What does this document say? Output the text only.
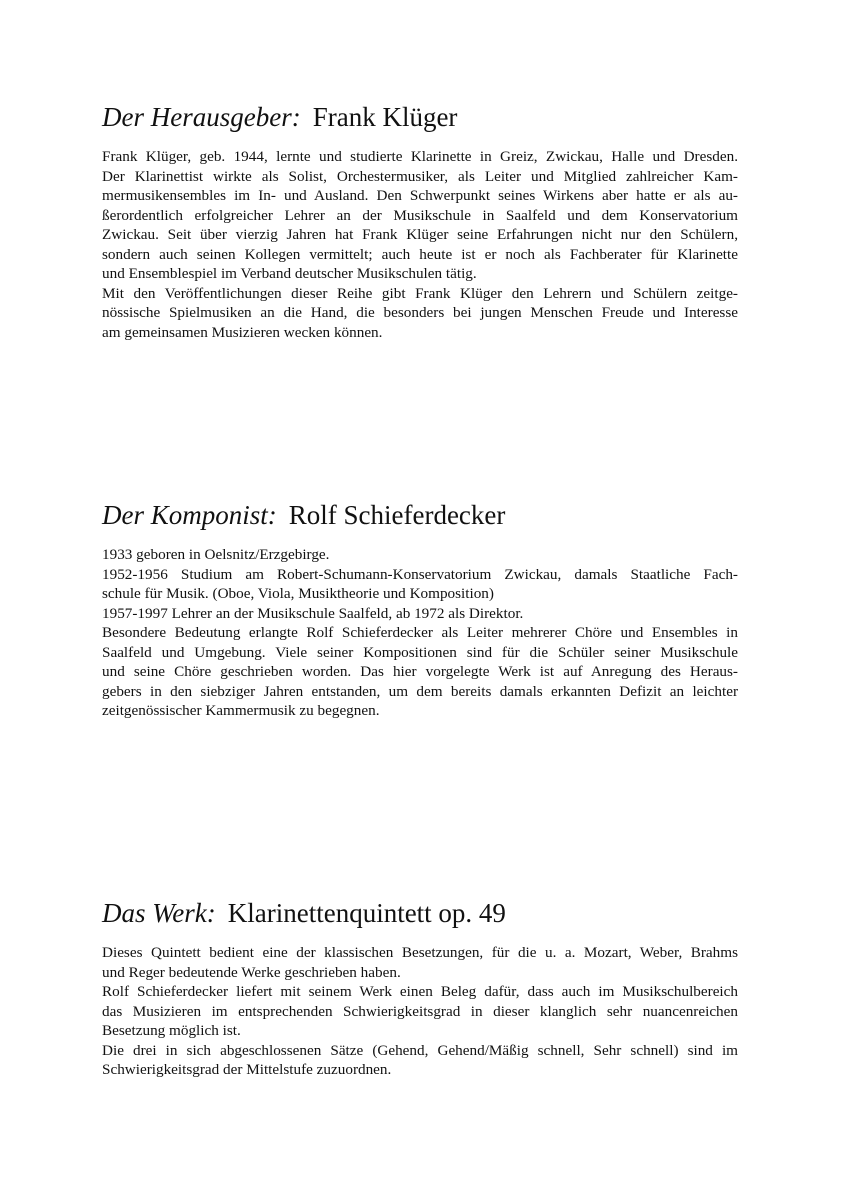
Der Herausgeber: Frank Klüger
Frank Klüger, geb. 1944, lernte und studierte Klarinette in Greiz, Zwickau, Halle und Dresden.
Der Klarinettist wirkte als Solist, Orchestermusiker, als Leiter und Mitglied zahlreicher Kam-
mermusikensembles im In- und Ausland. Den Schwerpunkt seines Wirkens aber hatte er als au-
ßerordentlich erfolgreicher Lehrer an der Musikschule in Saalfeld und dem Konservatorium
Zwickau. Seit über vierzig Jahren hat Frank Klüger seine Erfahrungen nicht nur den Schülern,
sondern auch seinen Kollegen vermittelt; auch heute ist er noch als Fachberater für Klarinette
und Ensemblespiel im Verband deutscher Musikschulen tätig.
Mit den Veröffentlichungen dieser Reihe gibt Frank Klüger den Lehrern und Schülern zeitge-
nössische Spielmusiken an die Hand, die besonders bei jungen Menschen Freude und Interesse
am gemeinsamen Musizieren wecken können.
Der Komponist: Rolf Schieferdecker
1933 geboren in Oelsnitz/Erzgebirge.
1952-1956 Studium am Robert-Schumann-Konservatorium Zwickau, damals Staatliche Fach-
schule für Musik. (Oboe, Viola, Musiktheorie und Komposition)
1957-1997 Lehrer an der Musikschule Saalfeld, ab 1972 als Direktor.
Besondere Bedeutung erlangte Rolf Schieferdecker als Leiter mehrerer Chöre und Ensembles in
Saalfeld und Umgebung. Viele seiner Kompositionen sind für die Schüler seiner Musikschule
und seine Chöre geschrieben worden. Das hier vorgelegte Werk ist auf Anregung des Heraus-
gebers in den siebziger Jahren entstanden, um dem bereits damals erkannten Defizit an leichter
zeitgenössischer Kammermusik zu begegnen.
Das Werk: Klarinettenquintett op. 49
Dieses Quintett bedient eine der klassischen Besetzungen, für die u. a. Mozart, Weber, Brahms
und Reger bedeutende Werke geschrieben haben.
Rolf Schieferdecker liefert mit seinem Werk einen Beleg dafür, dass auch im Musikschulbereich
das Musizieren im entsprechenden Schwierigkeitsgrad in dieser klanglich sehr nuancenreichen
Besetzung möglich ist.
Die drei in sich abgeschlossenen Sätze (Gehend, Gehend/Mäßig schnell, Sehr schnell) sind im
Schwierigkeitsgrad der Mittelstufe zuzuordnen.
